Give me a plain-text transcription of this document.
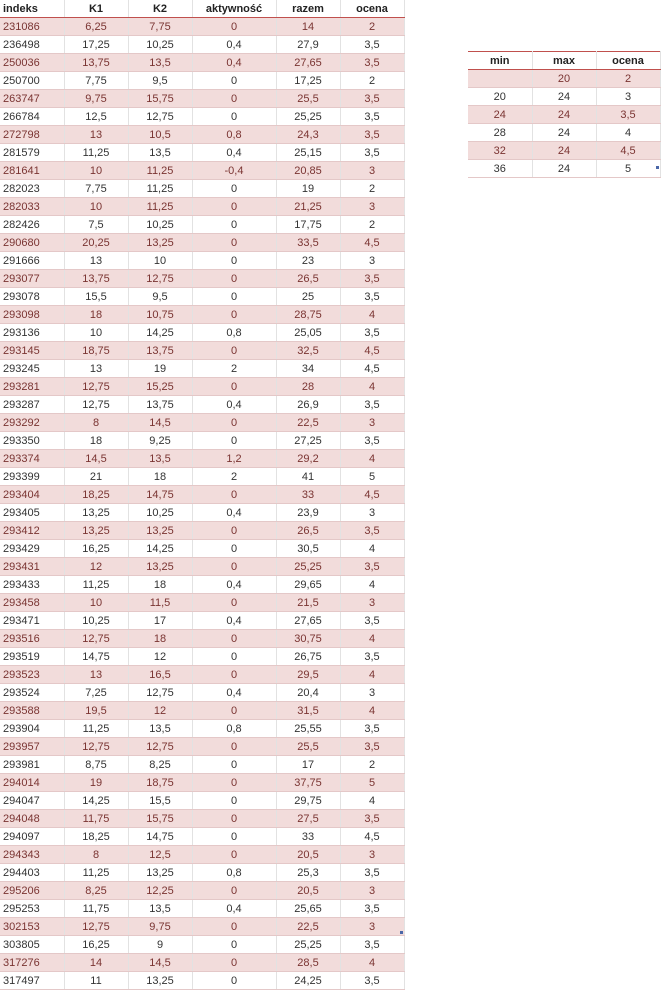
indeks	K1	K2	aktywność	razem	ocena
231086	6,25	7,75	0	14	2
236498	17,25	10,25	0,4	27,9	3,5
250036	13,75	13,5	0,4	27,65	3,5
250700	7,75	9,5	0	17,25	2
263747	9,75	15,75	0	25,5	3,5
266784	12,5	12,75	0	25,25	3,5
272798	13	10,5	0,8	24,3	3,5
281579	11,25	13,5	0,4	25,15	3,5
281641	10	11,25	-0,4	20,85	3
282023	7,75	11,25	0	19	2
282033	10	11,25	0	21,25	3
282426	7,5	10,25	0	17,75	2
290680	20,25	13,25	0	33,5	4,5
291666	13	10	0	23	3
293077	13,75	12,75	0	26,5	3,5
293078	15,5	9,5	0	25	3,5
293098	18	10,75	0	28,75	4
293136	10	14,25	0,8	25,05	3,5
293145	18,75	13,75	0	32,5	4,5
293245	13	19	2	34	4,5
293281	12,75	15,25	0	28	4
293287	12,75	13,75	0,4	26,9	3,5
293292	8	14,5	0	22,5	3
293350	18	9,25	0	27,25	3,5
293374	14,5	13,5	1,2	29,2	4
293399	21	18	2	41	5
293404	18,25	14,75	0	33	4,5
293405	13,25	10,25	0,4	23,9	3
293412	13,25	13,25	0	26,5	3,5
293429	16,25	14,25	0	30,5	4
293431	12	13,25	0	25,25	3,5
293433	11,25	18	0,4	29,65	4
293458	10	11,5	0	21,5	3
293471	10,25	17	0,4	27,65	3,5
293516	12,75	18	0	30,75	4
293519	14,75	12	0	26,75	3,5
293523	13	16,5	0	29,5	4
293524	7,25	12,75	0,4	20,4	3
293588	19,5	12	0	31,5	4
293904	11,25	13,5	0,8	25,55	3,5
293957	12,75	12,75	0	25,5	3,5
293981	8,75	8,25	0	17	2
294014	19	18,75	0	37,75	5
294047	14,25	15,5	0	29,75	4
294048	11,75	15,75	0	27,5	3,5
294097	18,25	14,75	0	33	4,5
294343	8	12,5	0	20,5	3
294403	11,25	13,25	0,8	25,3	3,5
295206	8,25	12,25	0	20,5	3
295253	11,75	13,5	0,4	25,65	3,5
302153	12,75	9,75	0	22,5	3
303805	16,25	9	0	25,25	3,5
317276	14	14,5	0	28,5	4
317497	11	13,25	0	24,25	3,5
min	max	ocena
	20	2
20	24	3
24	24	3,5
28	24	4
32	24	4,5
36	24	5
